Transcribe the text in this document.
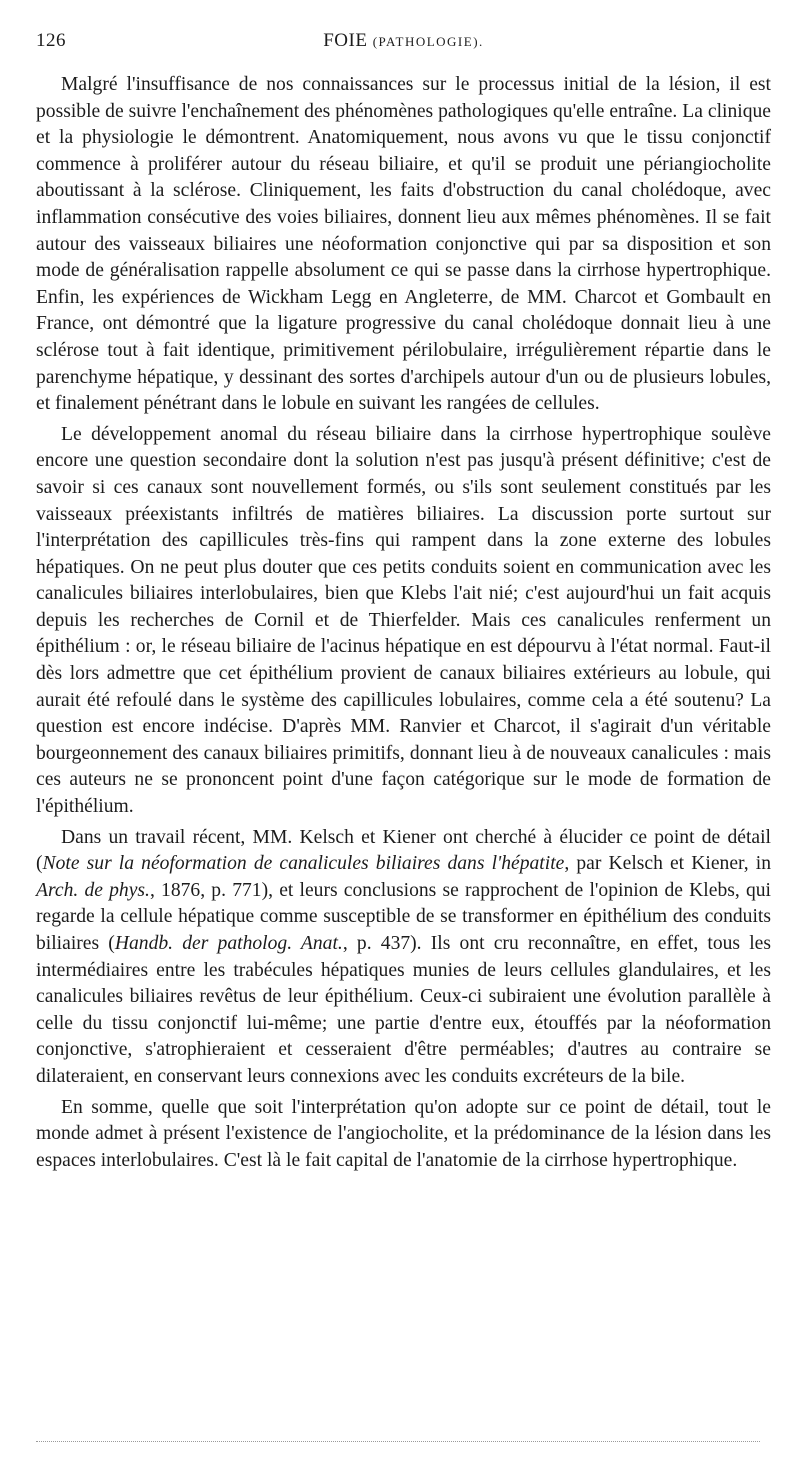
126	FOIE (PATHOLOGIE).

Malgré l'insuffisance de nos connaissances sur le processus initial de la lésion, il est possible de suivre l'enchaînement des phénomènes pathologiques qu'elle entraîne. La clinique et la physiologie le démontrent. Anatomiquement, nous avons vu que le tissu conjonctif commence à proliférer autour du réseau biliaire, et qu'il se produit une périangiocholite aboutissant à la sclérose. Cliniquement, les faits d'obstruction du canal cholédoque, avec inflammation consécutive des voies biliaires, donnent lieu aux mêmes phénomènes. Il se fait autour des vaisseaux biliaires une néoformation conjonctive qui par sa disposition et son mode de généralisation rappelle absolument ce qui se passe dans la cirrhose hypertrophique. Enfin, les expériences de Wickham Legg en Angleterre, de MM. Charcot et Gombault en France, ont démontré que la ligature progressive du canal cholédoque donnait lieu à une sclérose tout à fait identique, primitivement périlobulaire, irrégulièrement répartie dans le parenchyme hépatique, y dessinant des sortes d'archipels autour d'un ou de plusieurs lobules, et finalement pénétrant dans le lobule en suivant les rangées de cellules.

Le développement anomal du réseau biliaire dans la cirrhose hypertrophique soulève encore une question secondaire dont la solution n'est pas jusqu'à présent définitive; c'est de savoir si ces canaux sont nouvellement formés, ou s'ils sont seulement constitués par les vaisseaux préexistants infiltrés de matières biliaires. La discussion porte surtout sur l'interprétation des capillicules très-fins qui rampent dans la zone externe des lobules hépatiques. On ne peut plus douter que ces petits conduits soient en communication avec les canalicules biliaires interlobulaires, bien que Klebs l'ait nié; c'est aujourd'hui un fait acquis depuis les recherches de Cornil et de Thierfelder. Mais ces canalicules renferment un épithélium : or, le réseau biliaire de l'acinus hépatique en est dépourvu à l'état normal. Faut-il dès lors admettre que cet épithélium provient de canaux biliaires extérieurs au lobule, qui aurait été refoulé dans le système des capillicules lobulaires, comme cela a été soutenu? La question est encore indécise. D'après MM. Ranvier et Charcot, il s'agirait d'un véritable bourgeonnement des canaux biliaires primitifs, donnant lieu à de nouveaux canalicules : mais ces auteurs ne se prononcent point d'une façon catégorique sur le mode de formation de l'épithélium.

Dans un travail récent, MM. Kelsch et Kiener ont cherché à élucider ce point de détail (Note sur la néoformation de canalicules biliaires dans l'hépatite, par Kelsch et Kiener, in Arch. de phys., 1876, p. 771), et leurs conclusions se rapprochent de l'opinion de Klebs, qui regarde la cellule hépatique comme susceptible de se transformer en épithélium des conduits biliaires (Handb. der patholog. Anat., p. 437). Ils ont cru reconnaître, en effet, tous les intermédiaires entre les trabécules hépatiques munies de leurs cellules glandulaires, et les canalicules biliaires revêtus de leur épithélium. Ceux-ci subiraient une évolution parallèle à celle du tissu conjonctif lui-même; une partie d'entre eux, étouffés par la néoformation conjonctive, s'atrophieraient et cesseraient d'être perméables; d'autres au contraire se dilateraient, en conservant leurs connexions avec les conduits excréteurs de la bile.

En somme, quelle que soit l'interprétation qu'on adopte sur ce point de détail, tout le monde admet à présent l'existence de l'angiocholite, et la prédominance de la lésion dans les espaces interlobulaires. C'est là le fait capital de l'anatomie de la cirrhose hypertrophique.
